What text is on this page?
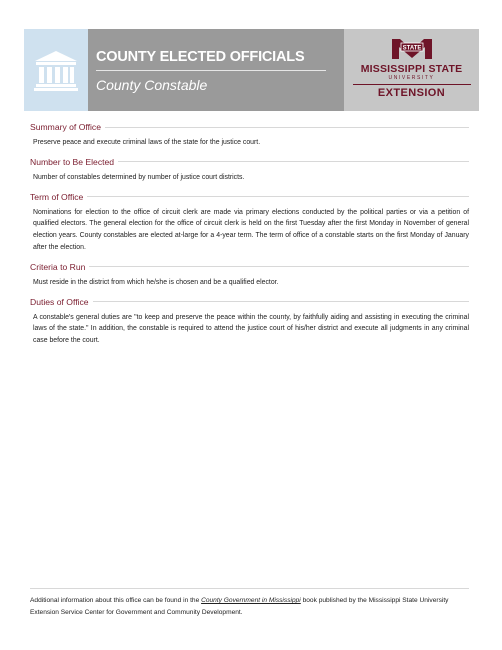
COUNTY ELECTED OFFICIALS
County Constable
STATE
MISSISSIPPI STATE
UNIVERSITY
EXTENSION
Summary of Office

Preserve peace and execute criminal laws of the state for the justice court.

Number to Be Elected

Number of constables determined by number of justice court districts.

Term of Office

Nominations for election to the office of circuit clerk are made via primary elections conducted by the political parties or via a petition of qualified electors. The general election for the office of circuit clerk is held on the first Tuesday after the first Monday in November of general election years. County constables are elected at-large for a 4-year term. The term of office of a constable starts on the first Monday of January after the election.

Criteria to Run

Must reside in the district from which he/she is chosen and be a qualified elector.

Duties of Office

A constable's general duties are "to keep and preserve the peace within the county, by faithfully aiding and assisting in executing the criminal laws of the state." In addition, the constable is required to attend the justice court of his/her district and execute all judgments in any criminal case before the court.

Additional information about this office can be found in the County Government in Mississippi book published by the Mississippi State University Extension Service Center for Government and Community Development.
